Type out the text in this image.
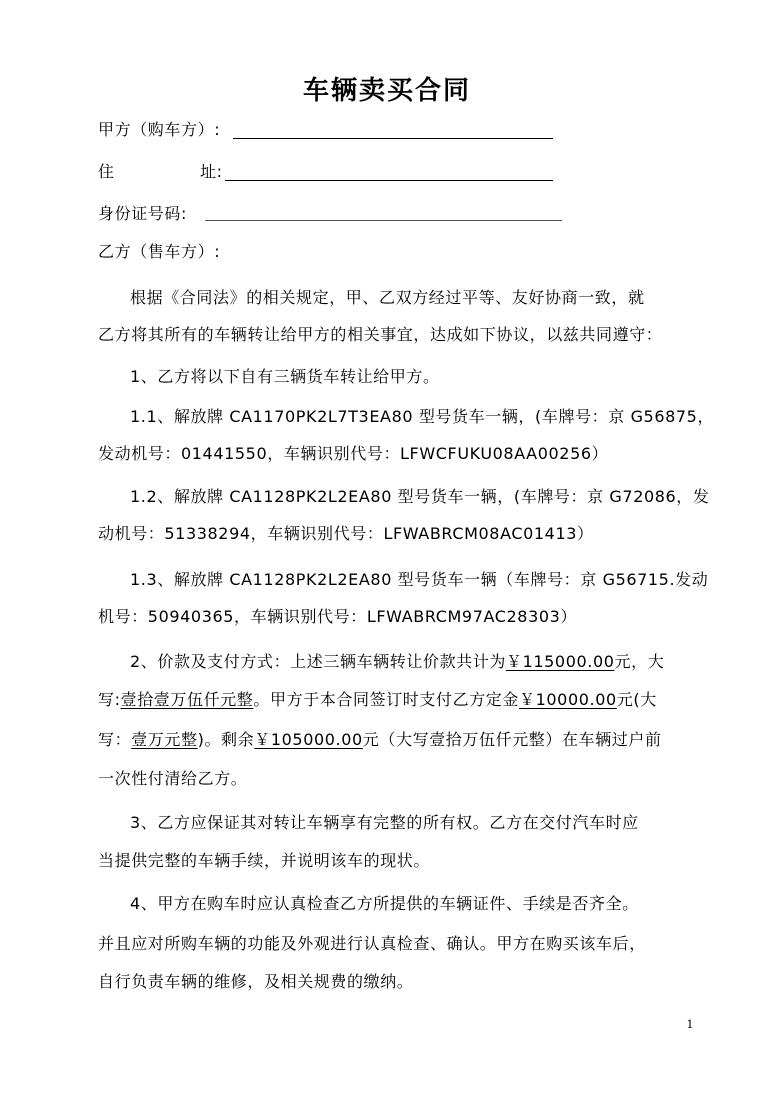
车辆卖买合同
甲方（购车方）:
住	址:
身份证号码:
乙方（售车方）:
根据《合同法》的相关规定，甲、乙双方经过平等、友好协商一致，就
乙方将其所有的车辆转让给甲方的相关事宜，达成如下协议，以兹共同遵守：
1、乙方将以下自有三辆货车转让给甲方。
1.1、解放牌 CA1170PK2L7T3EA80 型号货车一辆，(车牌号：京 G56875，
发动机号：01441550，车辆识别代号：LFWCFUKU08AA00256）
1.2、解放牌 CA1128PK2L2EA80 型号货车一辆，(车牌号：京 G72086，发
动机号：51338294，车辆识别代号：LFWABRCM08AC01413）
1.3、解放牌 CA1128PK2L2EA80 型号货车一辆（车牌号：京 G56715.发动
机号：50940365，车辆识别代号：LFWABRCM97AC28303）
2、价款及支付方式：上述三辆车辆转让价款共计为￥115000.00元，大
写:壹拾壹万伍仟元整。甲方于本合同签订时支付乙方定金￥10000.00元(大
写：壹万元整)。剩余￥105000.00元（大写壹拾万伍仟元整）在车辆过户前
一次性付清给乙方。
3、乙方应保证其对转让车辆享有完整的所有权。乙方在交付汽车时应
当提供完整的车辆手续，并说明该车的现状。
4、甲方在购车时应认真检查乙方所提供的车辆证件、手续是否齐全。
并且应对所购车辆的功能及外观进行认真检查、确认。甲方在购买该车后，
自行负责车辆的维修，及相关规费的缴纳。
1
